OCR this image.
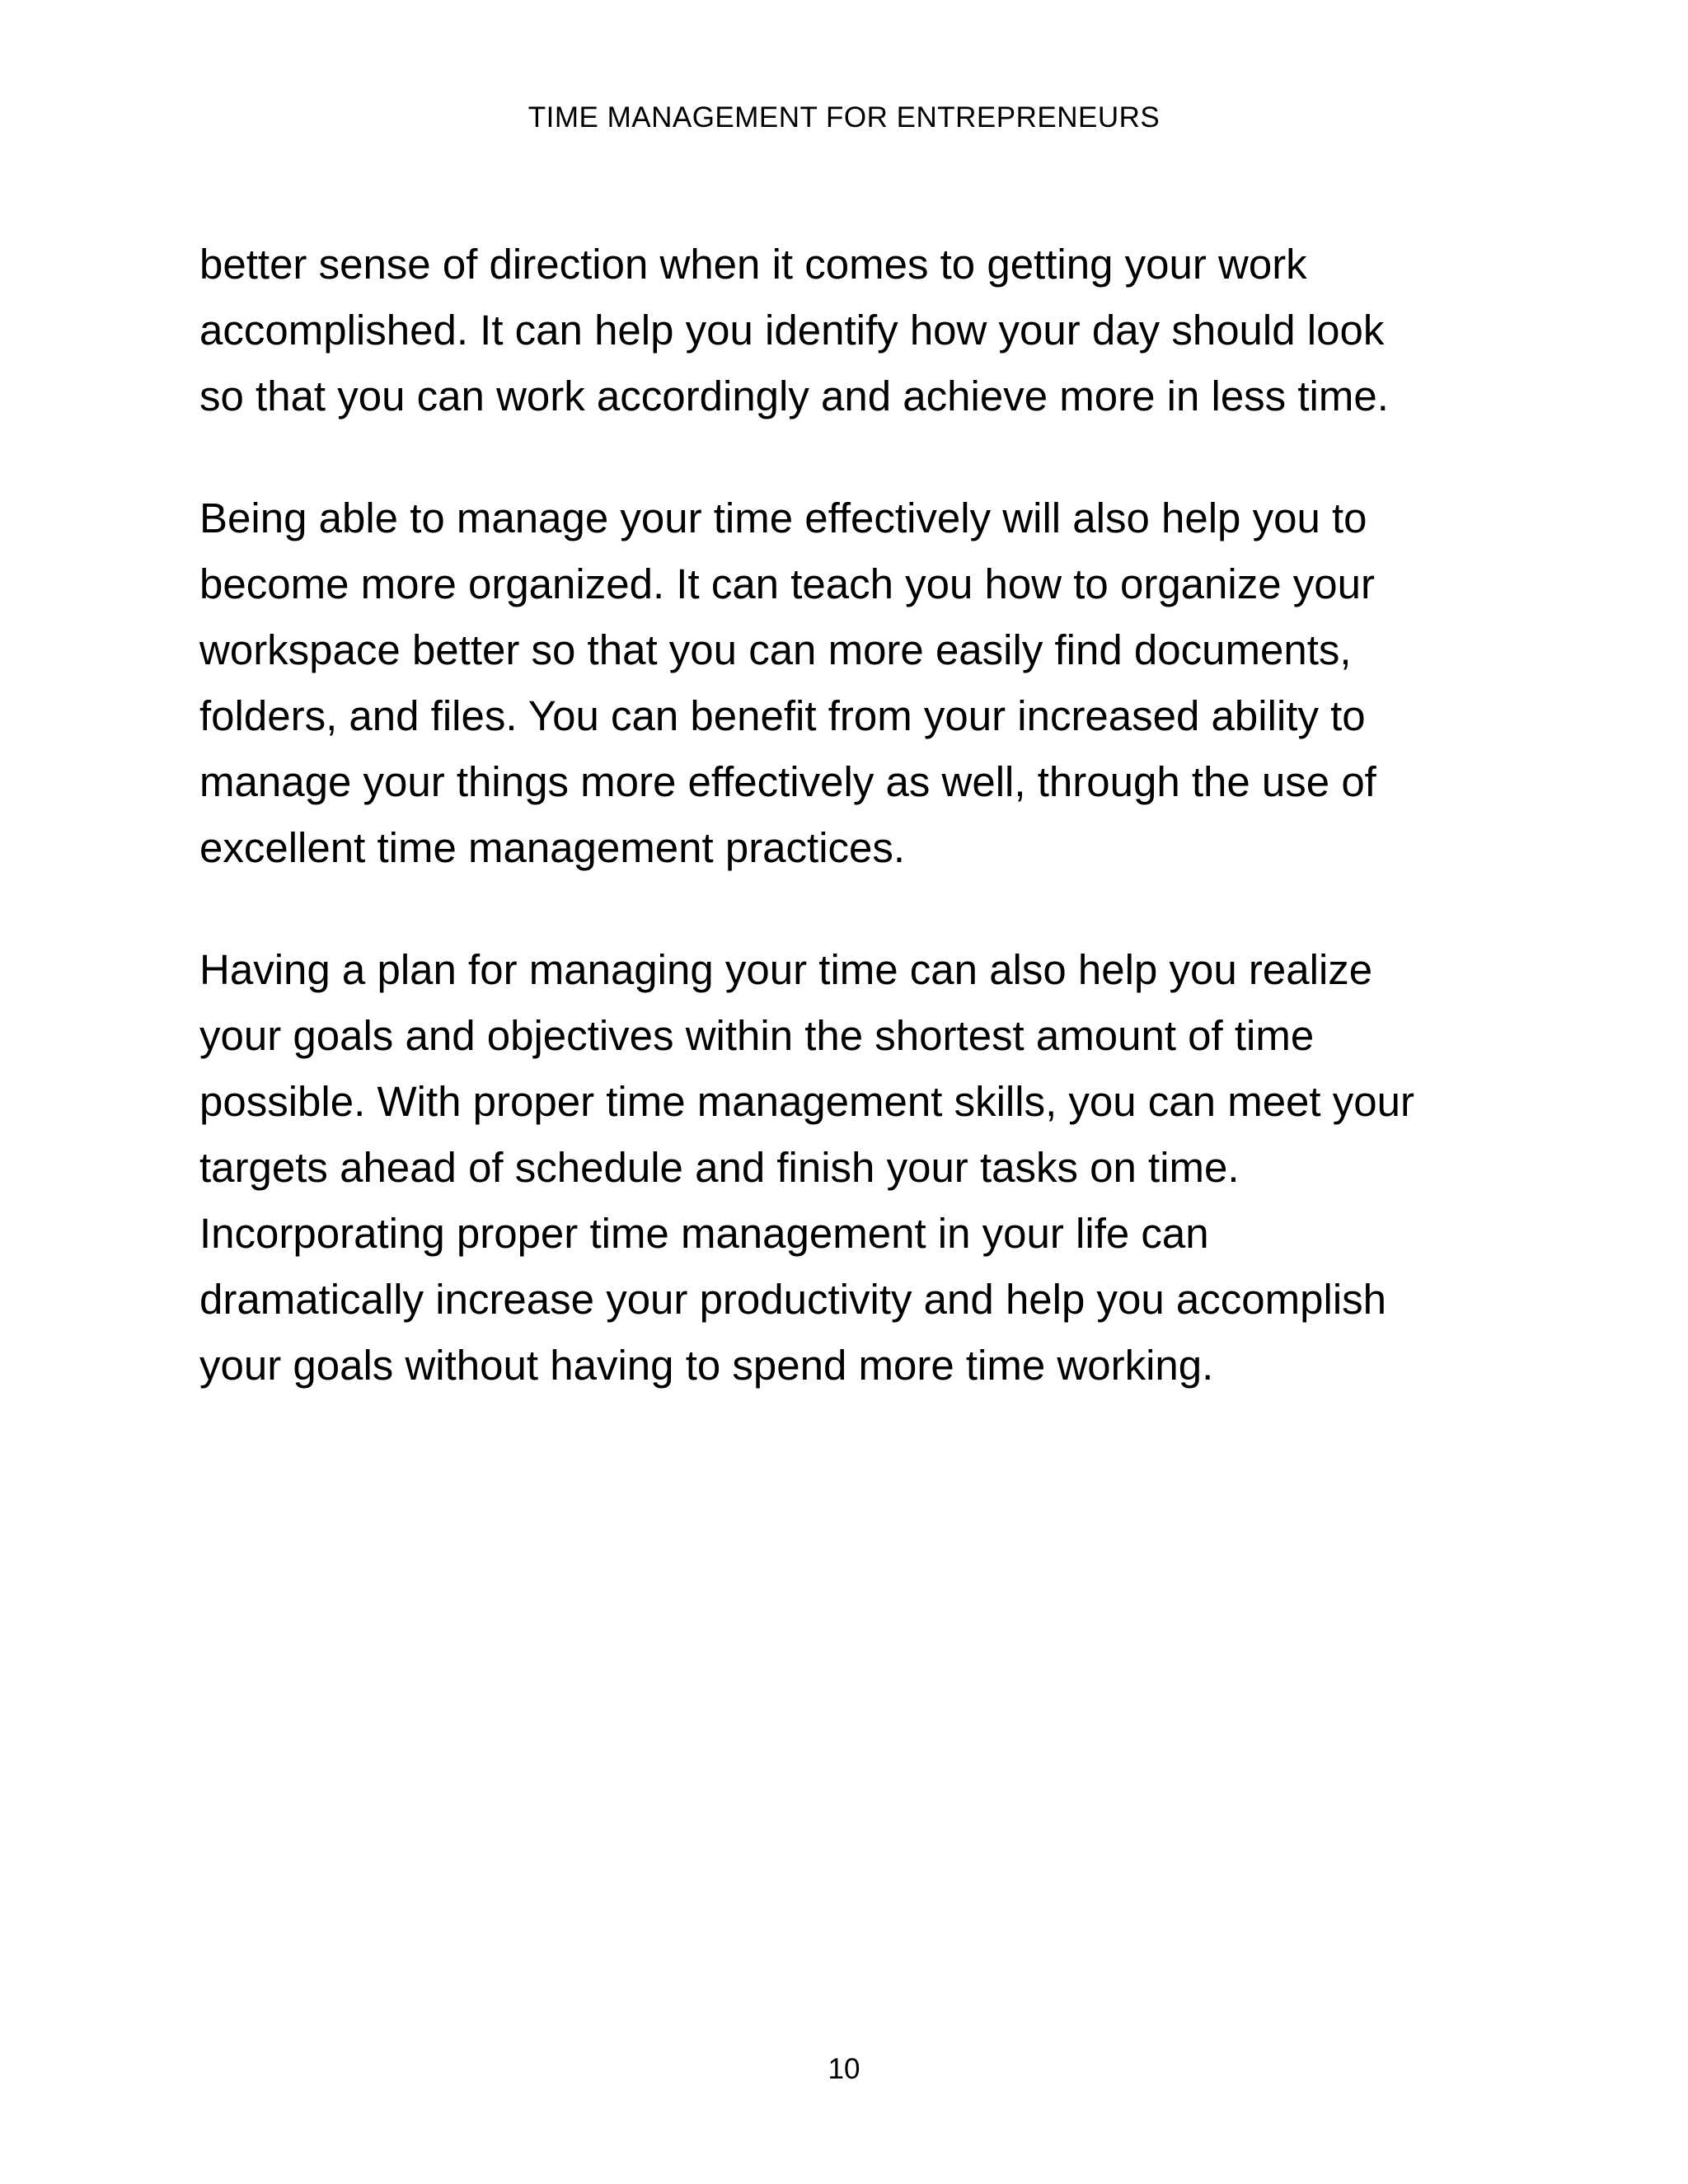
TIME MANAGEMENT FOR ENTREPRENEURS

better sense of direction when it comes to getting your work
accomplished. It can help you identify how your day should look
so that you can work accordingly and achieve more in less time.

Being able to manage your time effectively will also help you to
become more organized. It can teach you how to organize your
workspace better so that you can more easily find documents,
folders, and files. You can benefit from your increased ability to
manage your things more effectively as well, through the use of
excellent time management practices.

Having a plan for managing your time can also help you realize
your goals and objectives within the shortest amount of time
possible. With proper time management skills, you can meet your
targets ahead of schedule and finish your tasks on time.
Incorporating proper time management in your life can
dramatically increase your productivity and help you accomplish
your goals without having to spend more time working.

10
